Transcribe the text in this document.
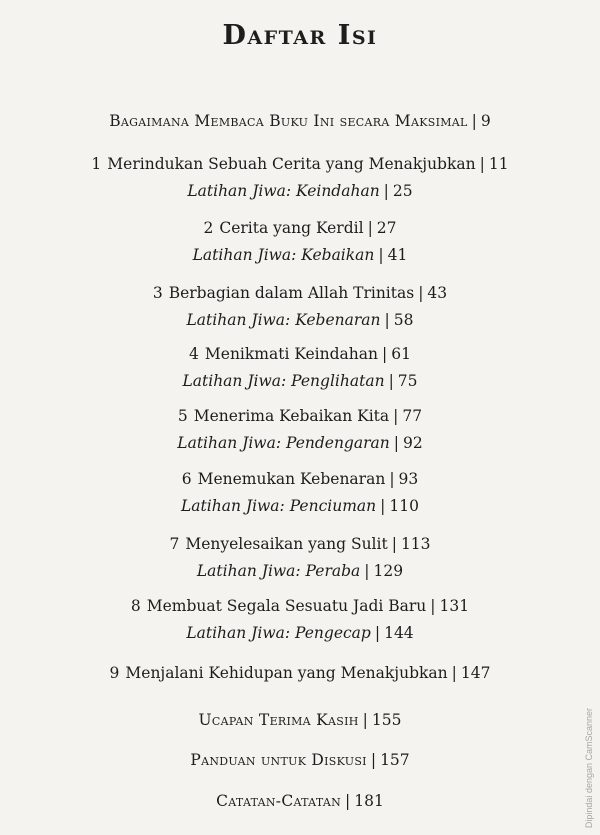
Daftar Isi
Bagaimana Membaca Buku Ini secara Maksimal | 9
1 Merindukan Sebuah Cerita yang Menakjubkan | 11
Latihan Jiwa: Keindahan | 25
2 Cerita yang Kerdil | 27
Latihan Jiwa: Kebaikan | 41
3 Berbagian dalam Allah Trinitas | 43
Latihan Jiwa: Kebenaran | 58
4 Menikmati Keindahan | 61
Latihan Jiwa: Penglihatan | 75
5 Menerima Kebaikan Kita | 77
Latihan Jiwa: Pendengaran | 92
6 Menemukan Kebenaran | 93
Latihan Jiwa: Penciuman | 110
7 Menyelesaikan yang Sulit | 113
Latihan Jiwa: Peraba | 129
8 Membuat Segala Sesuatu Jadi Baru | 131
Latihan Jiwa: Pengecap | 144
9 Menjalani Kehidupan yang Menakjubkan | 147
Ucapan Terima Kasih | 155
Panduan untuk Diskusi | 157
Catatan-Catatan | 181	Dipindai dengan CamScanner
